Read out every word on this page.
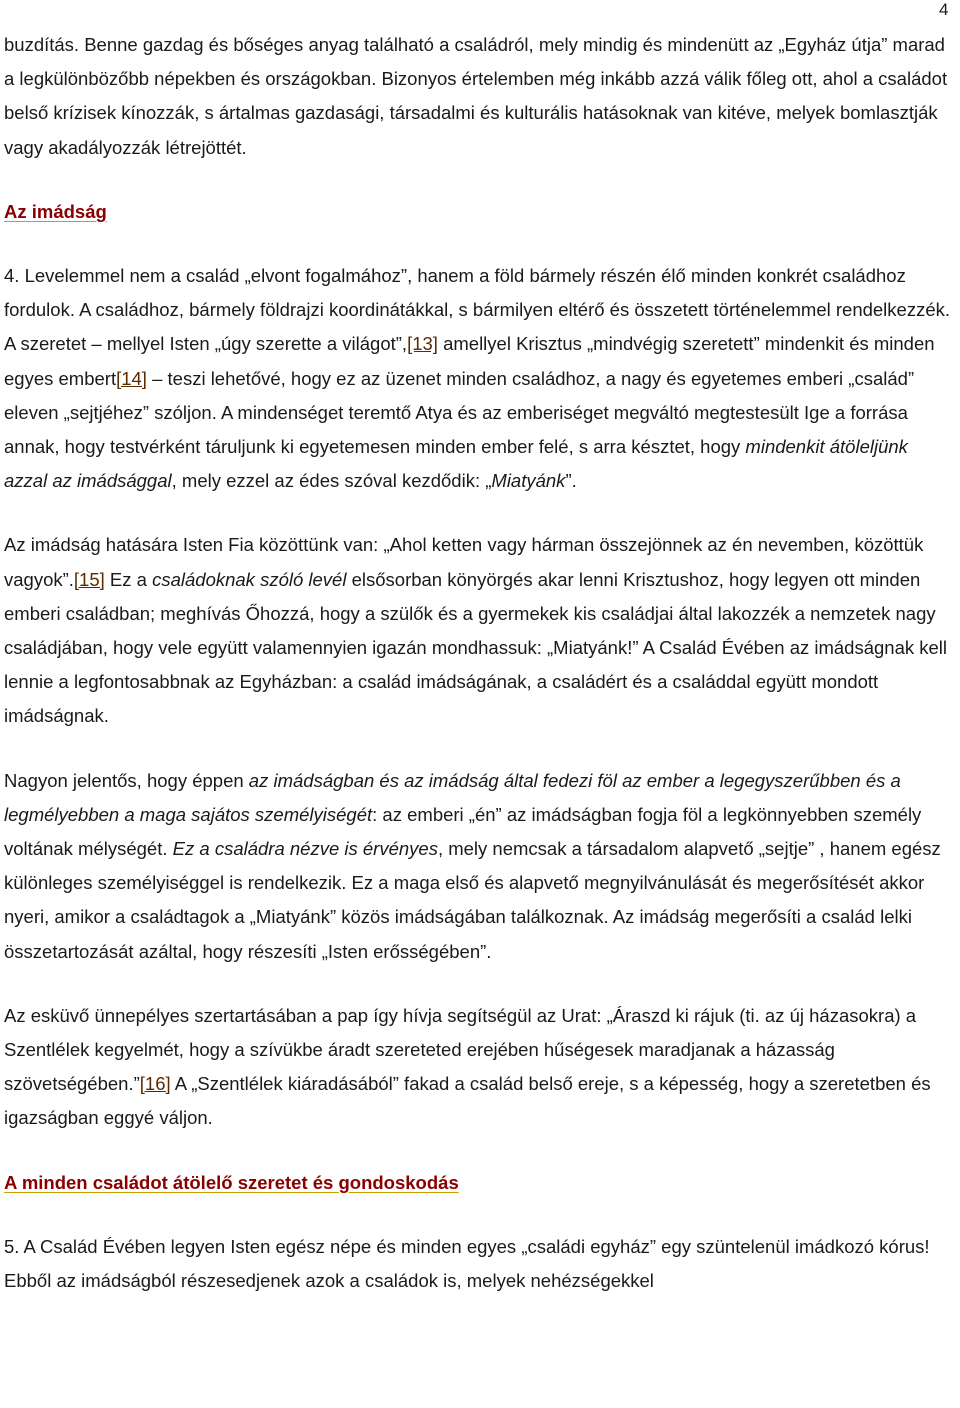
4

buzdítás. Benne gazdag és bőséges anyag található a családról, mely mindig és mindenütt az „Egyház útja” marad a legkülönbözőbb népekben és országokban. Bizonyos értelemben még inkább azzá válik főleg ott, ahol a családot belső krízisek kínozzák, s ártalmas gazdasági, társadalmi és kulturális hatásoknak van kitéve, melyek bomlasztják vagy akadályozzák létrejöttét.

Az imádság

4. Levelemmel nem a család „elvont fogalmához”, hanem a föld bármely részén élő minden konkrét családhoz fordulok. A családhoz, bármely földrajzi koordinátákkal, s bármilyen eltérő és összetett történelemmel rendelkezzék. A szeretet – mellyel Isten „úgy szerette a világot”,[13] amellyel Krisztus „mindvégig szeretett” mindenkit és minden egyes embert[14] – teszi lehetővé, hogy ez az üzenet minden családhoz, a nagy és egyetemes emberi „család” eleven „sejtjéhez” szóljon. A mindenséget teremtő Atya és az emberiséget megváltó megtestesült Ige a forrása annak, hogy testvérként táruljunk ki egyetemesen minden ember felé, s arra késztet, hogy mindenkit átöleljünk azzal az imádsággal, mely ezzel az édes szóval kezdődik: „Miatyánk”.

Az imádság hatására Isten Fia közöttünk van: „Ahol ketten vagy hárman összejönnek az én nevemben, közöttük vagyok”.[15] Ez a családoknak szóló levél elsősorban könyörgés akar lenni Krisztushoz, hogy legyen ott minden emberi családban; meghívás Őhozzá, hogy a szülők és a gyermekek kis családjai által lakozzék a nemzetek nagy családjában, hogy vele együtt valamennyien igazán mondhassuk: „Miatyánk!” A Család Évében az imádságnak kell lennie a legfontosabbnak az Egyházban: a család imádságának, a családért és a családdal együtt mondott imádságnak.

Nagyon jelentős, hogy éppen az imádságban és az imádság által fedezi föl az ember a legegyszerűbben és a legmélyebben a maga sajátos személyiségét: az emberi „én” az imádságban fogja föl a legkönnyebben személy voltának mélységét. Ez a családra nézve is érvényes, mely nemcsak a társadalom alapvető „sejtje” , hanem egész különleges személyiséggel is rendelkezik. Ez a maga első és alapvető megnyilvánulását és megerősítését akkor nyeri, amikor a családtagok a „Miatyánk” közös imádságában találkoznak. Az imádság megerősíti a család lelki összetartozását azáltal, hogy részesíti „Isten erősségében”.

Az esküvő ünnepélyes szertartásában a pap így hívja segítségül az Urat: „Áraszd ki rájuk (ti. az új házasokra) a Szentlélek kegyelmét, hogy a szívükbe áradt szereteted erejében hűségesek maradjanak a házasság szövetségében.”[16] A „Szentlélek kiáradásából” fakad a család belső ereje, s a képesség, hogy a szeretetben és igazságban eggyé váljon.

A minden családot átölelő szeretet és gondoskodás

5. A Család Évében legyen Isten egész népe és minden egyes „családi egyház” egy szüntelenül imádkozó kórus! Ebből az imádságból részesedjenek azok a családok is, melyek nehézségekkel
